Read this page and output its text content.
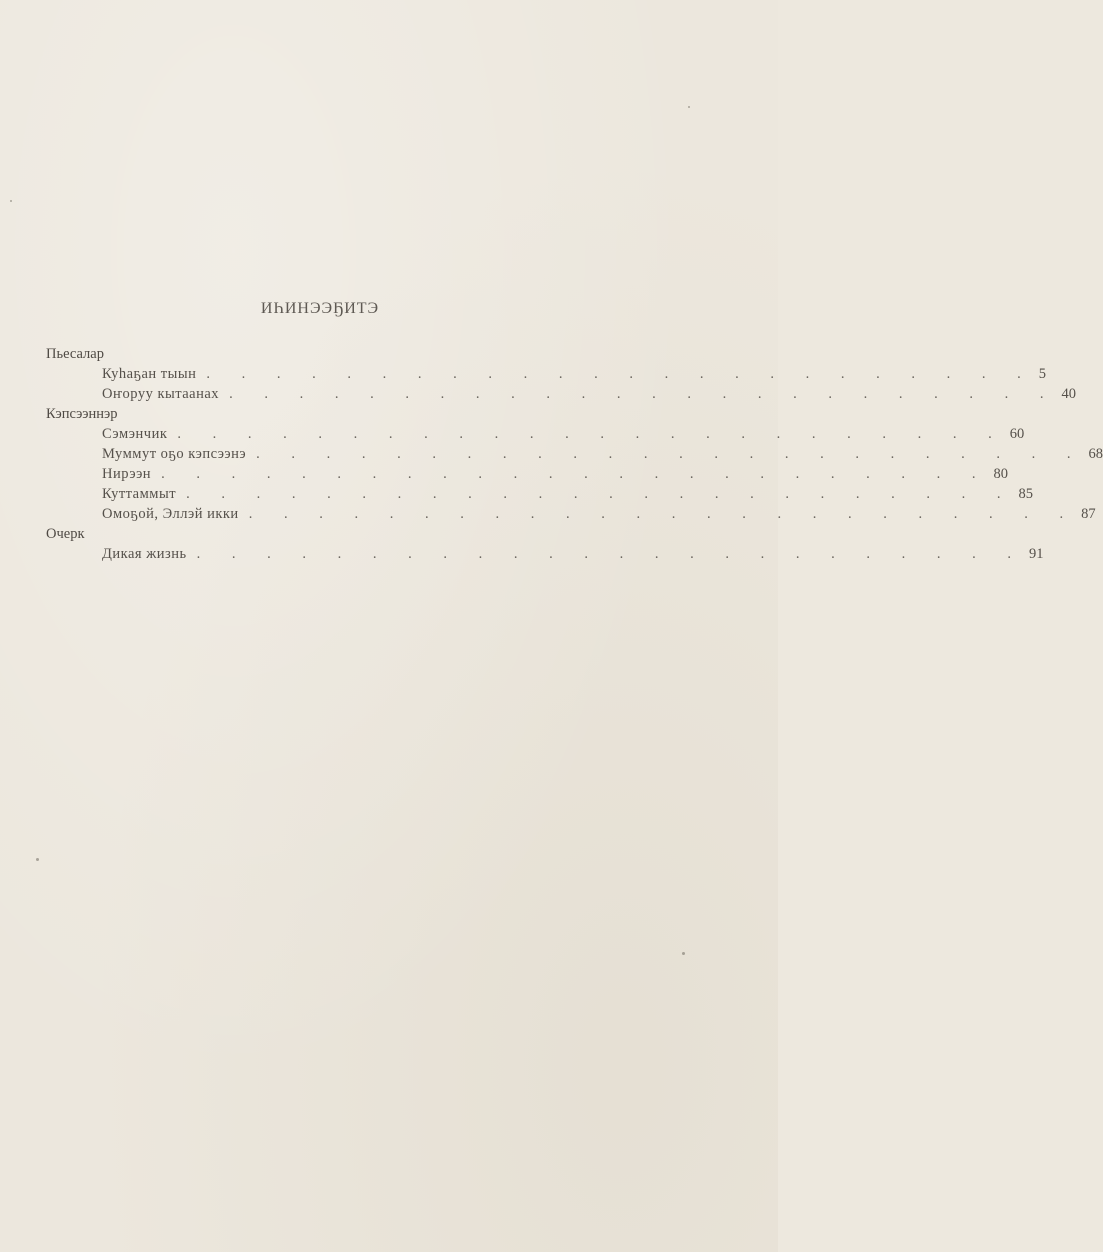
ИҺИНЭЭҔИТЭ
Пьесалар
Куһаҕан тыын . . . . . . . . . . . . . . . . . . . . . . . . 5
Оҥоруу кытаанах . . . . . . . . . . . . . . . . . . . . . . . . 40
Кэпсээннэр
Сэмэнчик . . . . . . . . . . . . . . . . . . . . . . . . 60
Муммут оҕо кэпсээнэ . . . . . . . . . . . . . . . . . . . . . . . . 68
Нирээн . . . . . . . . . . . . . . . . . . . . . . . . 80
Куттаммыт . . . . . . . . . . . . . . . . . . . . . . . . 85
Омоҕой, Эллэй икки . . . . . . . . . . . . . . . . . . . . . . . . 87
Очерк
Дикая жизнь . . . . . . . . . . . . . . . . . . . . . . . . 91
